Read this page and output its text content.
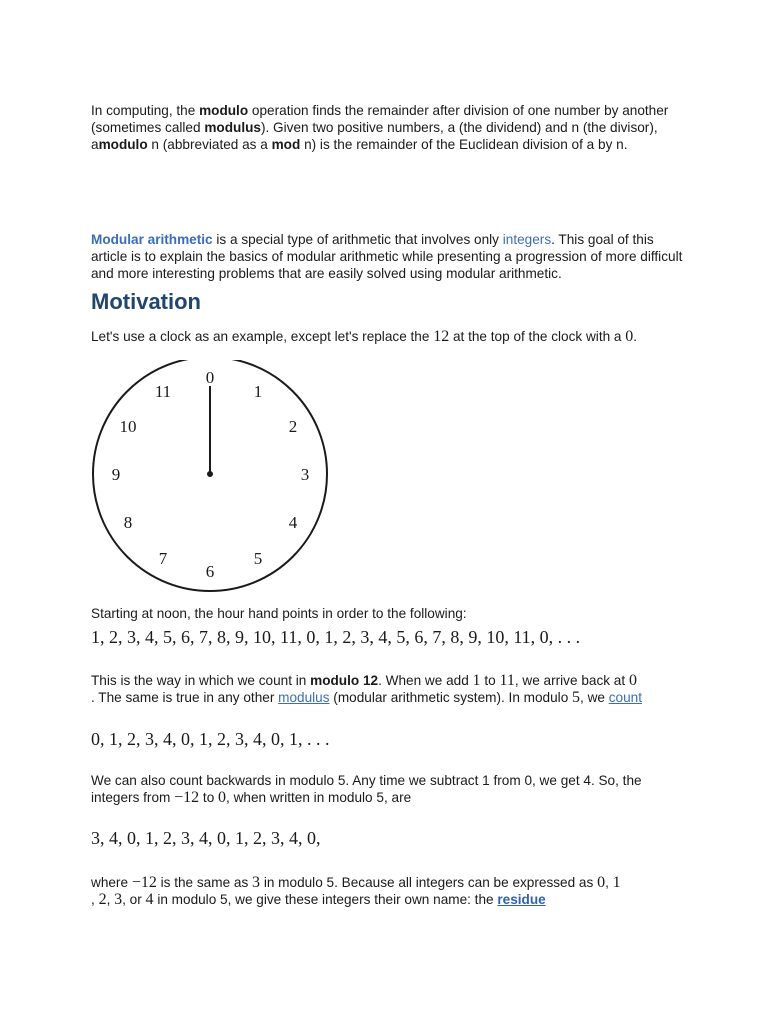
In computing, the modulo operation finds the remainder after division of one number by another (sometimes called modulus). Given two positive numbers, a (the dividend) and n (the divisor), amodulo n (abbreviated as a mod n) is the remainder of the Euclidean division of a by n.

Modular arithmetic is a special type of arithmetic that involves only integers. This goal of this article is to explain the basics of modular arithmetic while presenting a progression of more difficult and more interesting problems that are easily solved using modular arithmetic.

Motivation

Let's use a clock as an example, except let's replace the 12 at the top of the clock with a 0.

0
1
2
3
4
5
6
7
8
9
10
11

Starting at noon, the hour hand points in order to the following:

1, 2, 3, 4, 5, 6, 7, 8, 9, 10, 11, 0, 1, 2, 3, 4, 5, 6, 7, 8, 9, 10, 11, 0, . . .

This is the way in which we count in modulo 12. When we add 1 to 11, we arrive back at 0
. The same is true in any other modulus (modular arithmetic system). In modulo 5, we count

0, 1, 2, 3, 4, 0, 1, 2, 3, 4, 0, 1, . . .

We can also count backwards in modulo 5. Any time we subtract 1 from 0, we get 4. So, the integers from −12 to 0, when written in modulo 5, are

3, 4, 0, 1, 2, 3, 4, 0, 1, 2, 3, 4, 0,

where −12 is the same as 3 in modulo 5. Because all integers can be expressed as 0, 1
, 2, 3, or 4 in modulo 5, we give these integers their own name: the residue
